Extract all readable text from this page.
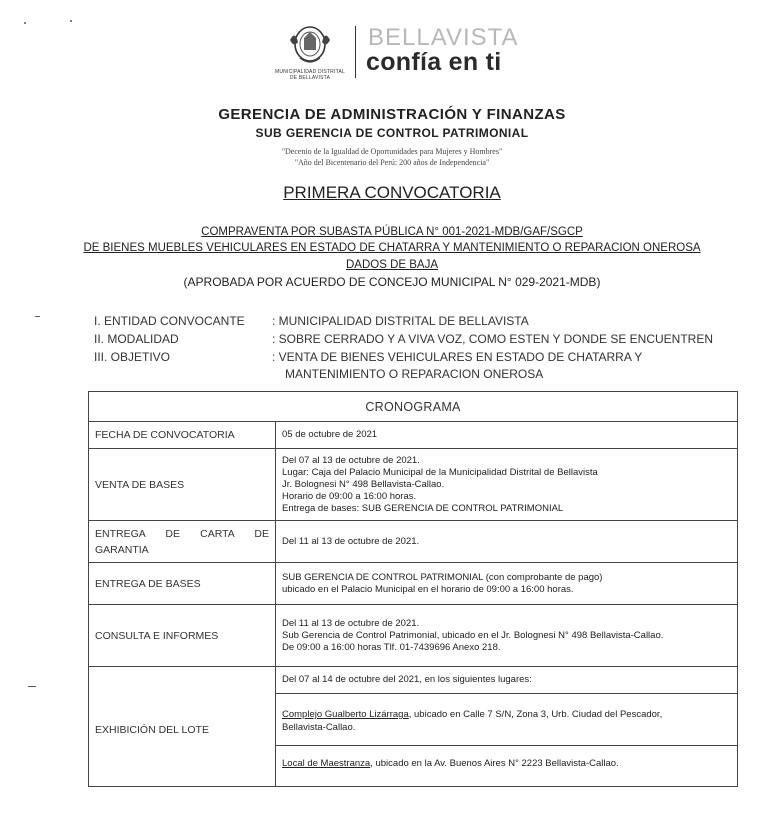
MUNICIPALIDAD DISTRITAL
DE BELLAVISTA
BELLAVISTA
confía en ti
GERENCIA DE ADMINISTRACIÓN Y FINANZAS
SUB GERENCIA DE CONTROL PATRIMONIAL
"Decenio de la Igualdad de Oportunidades para Mujeres y Hombres"
"Año del Bicentenario del Perú: 200 años de Independencia"
PRIMERA CONVOCATORIA
COMPRAVENTA POR SUBASTA PÚBLICA N° 001-2021-MDB/GAF/SGCP
DE BIENES MUEBLES VEHICULARES EN ESTADO DE CHATARRA Y MANTENIMIENTO O REPARACION ONEROSA
DADOS DE BAJA
(APROBADA POR ACUERDO DE CONCEJO MUNICIPAL N° 029-2021-MDB)
I. ENTIDAD CONVOCANTE : MUNICIPALIDAD DISTRITAL DE BELLAVISTA
II. MODALIDAD	: SOBRE CERRADO Y A VIVA VOZ, COMO ESTEN Y DONDE SE ENCUENTREN
III. OBJETIVO	: VENTA DE BIENES VEHICULARES EN ESTADO DE CHATARRA Y
MANTENIMIENTO O REPARACION ONEROSA
CRONOGRAMA	
FECHA DE CONVOCATORIA	05 de octubre de 2021
VENTA DE BASES	Del 07 al 13 de octubre de 2021.
Lugar: Caja del Palacio Municipal de la Municipalidad Distrital de Bellavista
Jr. Bolognesi N° 498 Bellavista-Callao.
Horario de 09:00 a 16:00 horas.
Entrega de bases: SUB GERENCIA DE CONTROL PATRIMONIAL

ENTREGA DE CARTA DE GARANTIA	Del 11 al 13 de octubre de 2021.
ENTREGA DE BASES	SUB GERENCIA DE CONTROL PATRIMONIAL (con comprobante de pago)
ubicado en el Palacio Municipal en el horario de 09:00 a 16:00 horas.

CONSULTA E INFORMES	Del 11 al 13 de octubre de 2021.
Sub Gerencia de Control Patrimonial, ubicado en el Jr. Bolognesi N° 498 Bellavista-Callao.
De 09:00 a 16:00 horas Tlf. 01-7439696 Anexo 218.

EXHIBICIÓN DEL LOTE	Del 07 al 14 de octubre del 2021, en los siguientes lugares:
Complejo Gualberto Lizárraga, ubicado en Calle 7 S/N, Zona 3, Urb. Ciudad del Pescador,
Bellavista-Callao.
Local de Maestranza, ubicado en la Av. Buenos Aires N° 2223 Bellavista-Callao.
